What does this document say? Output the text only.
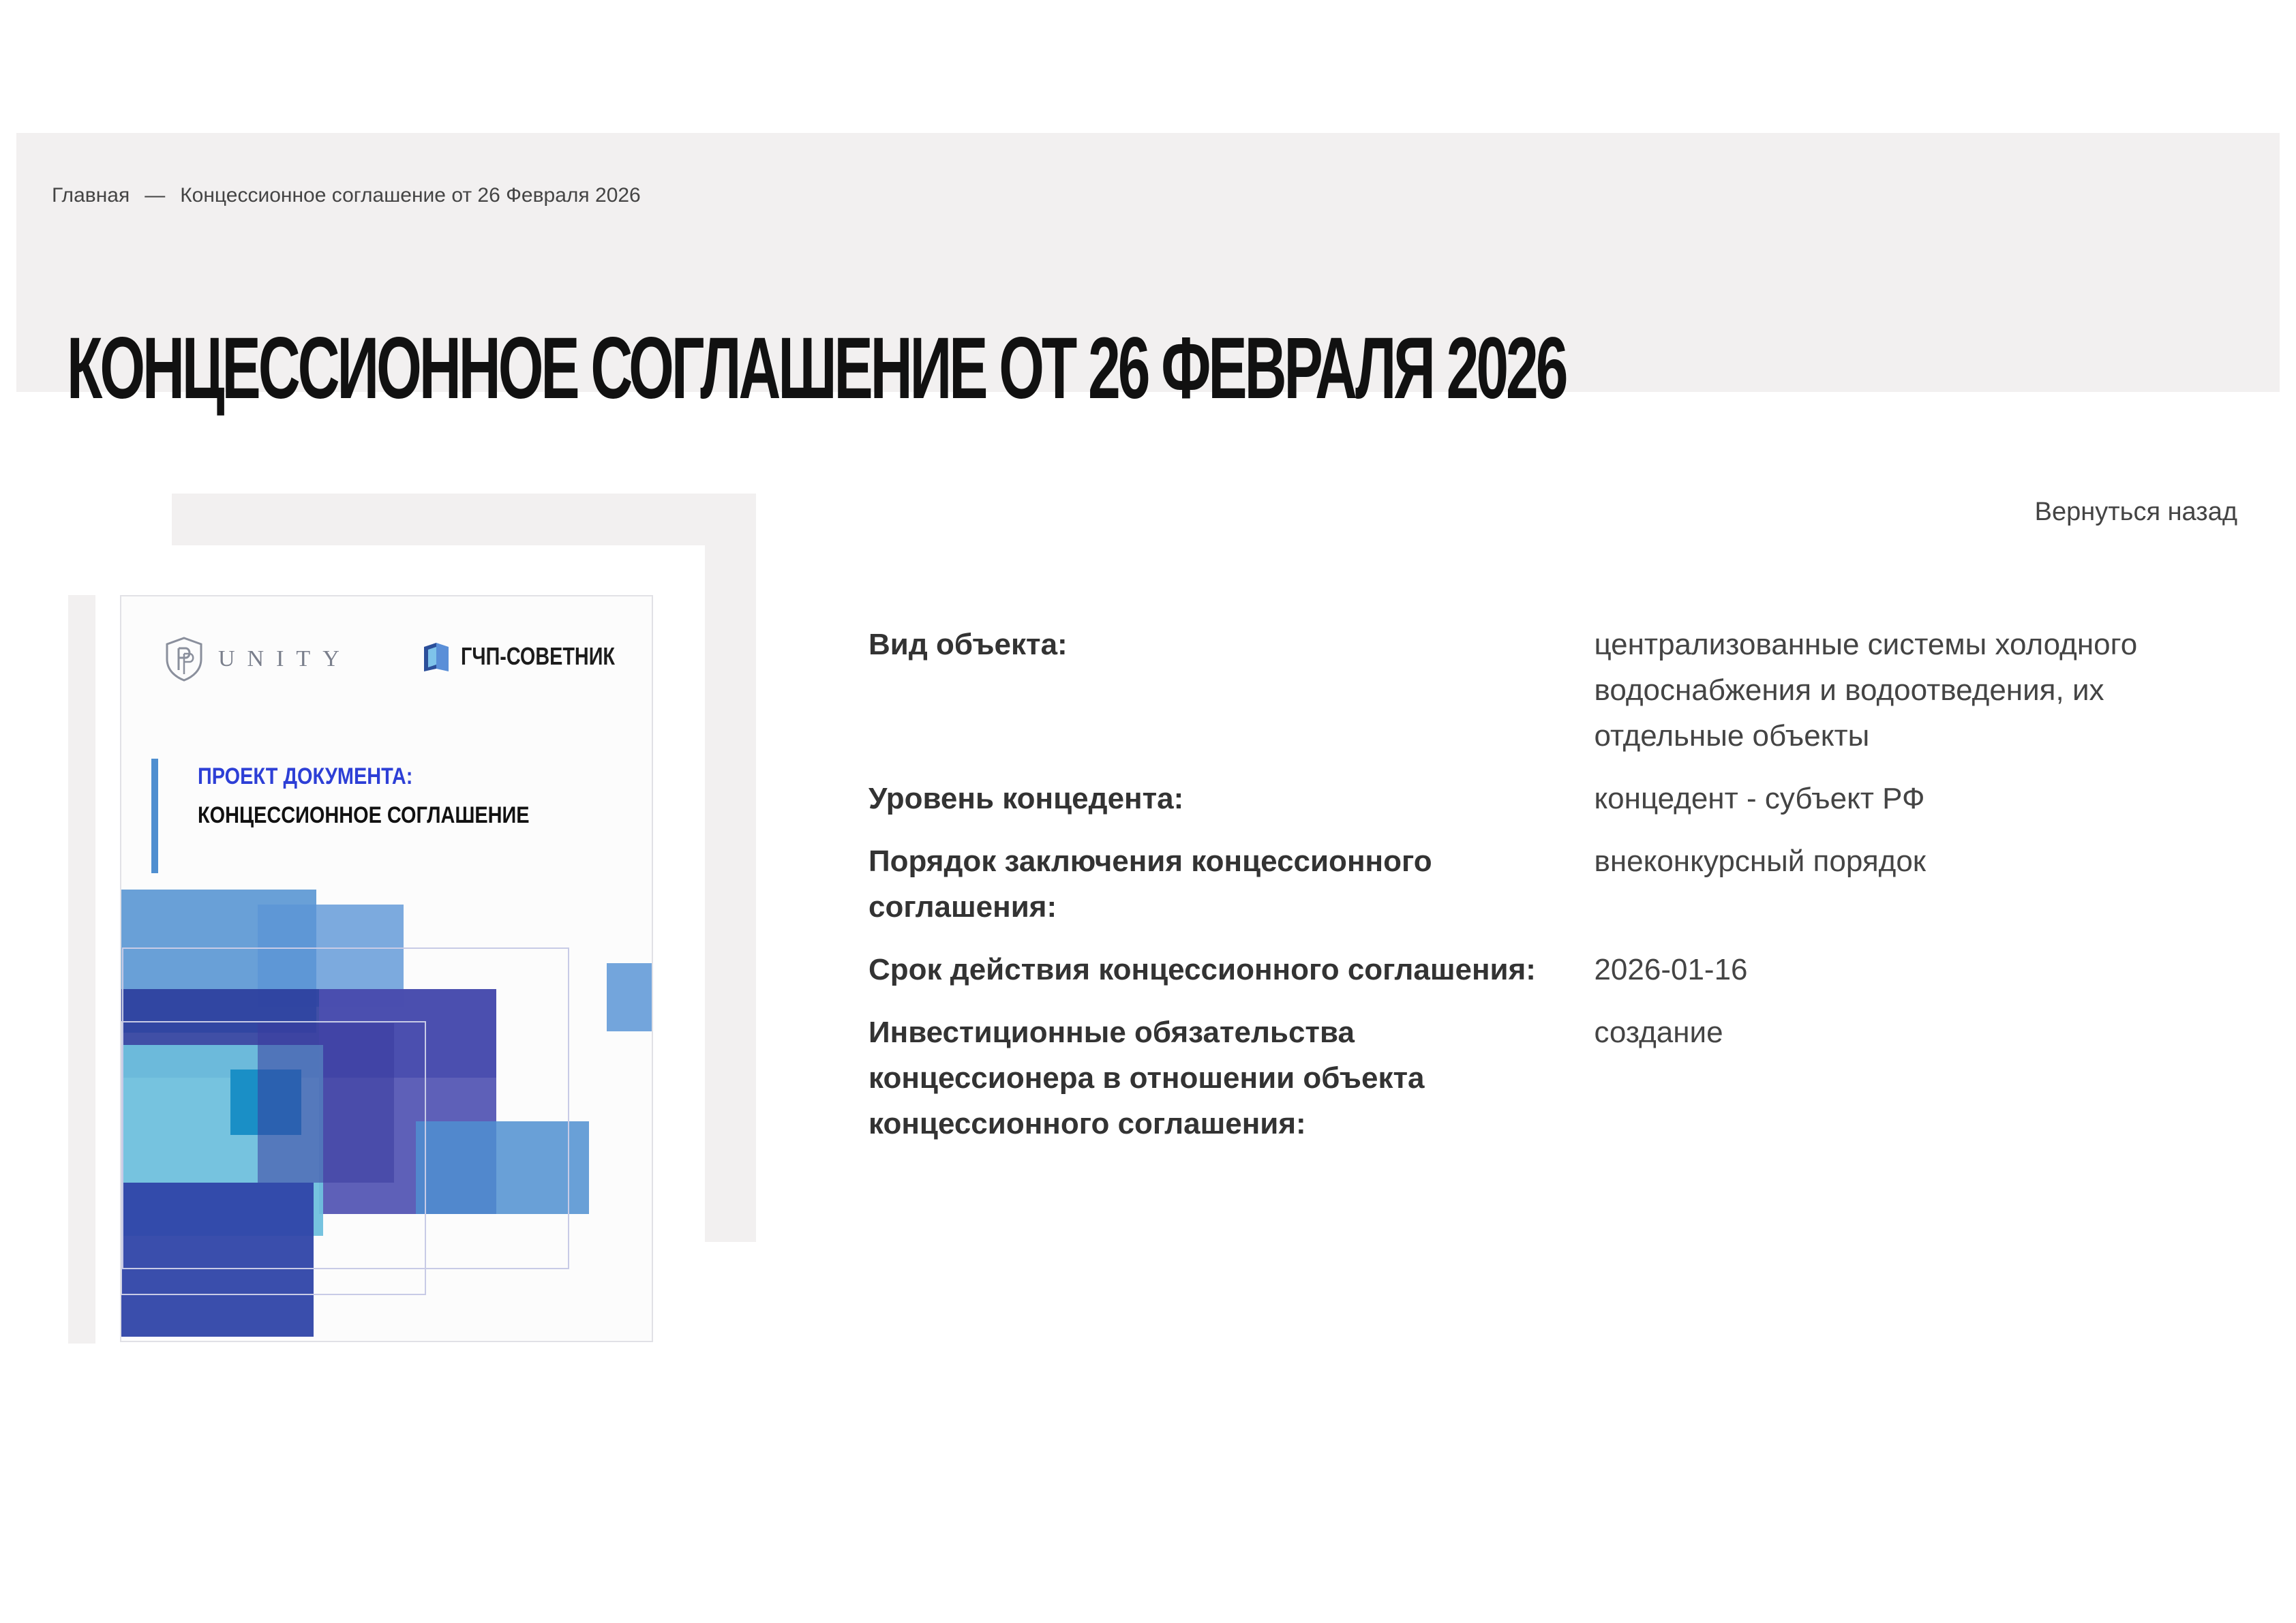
Главная — Концессионное соглашение от 26 Февраля 2026
КОНЦЕССИОННОЕ СОГЛАШЕНИЕ ОТ 26 ФЕВРАЛЯ 2026
UNITY	ГЧП-СОВЕТНИК
ПРОЕКТ ДОКУМЕНТА:
КОНЦЕССИОННОЕ СОГЛАШЕНИЕ
Вернуться назад
Вид объекта:	централизованные системы холодного водоснабжения и водоотведения, их отдельные объекты
Уровень концедента:	концедент - субъект РФ
Порядок заключения концессионного соглашения:	внеконкурсный порядок
Срок действия концессионного соглашения:	2026-01-16
Инвестиционные обязательства концессионера в отношении объекта концессионного соглашения:	создание
